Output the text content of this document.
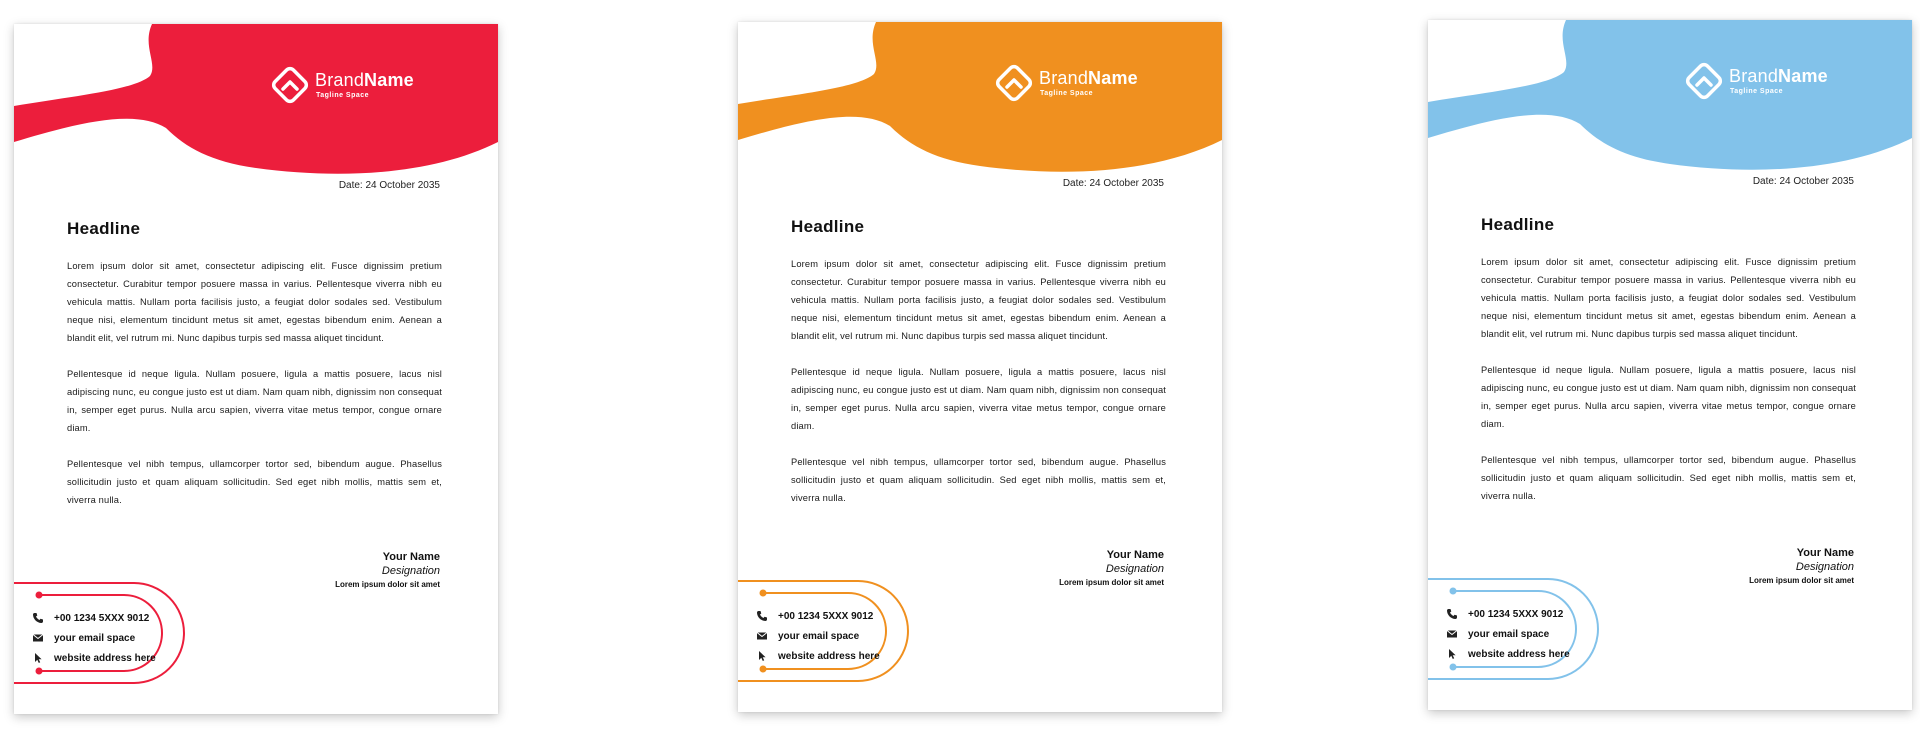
BrandName
Tagline Space
Date: 24 October 2035
Headline

Lorem ipsum dolor sit amet, consectetur adipiscing elit. Fusce dignissim pretium consectetur. Curabitur tempor posuere massa in varius. Pellentesque viverra nibh eu vehicula mattis. Nullam porta facilisis justo, a feugiat dolor sodales sed. Vestibulum neque nisi, elementum tincidunt metus sit amet, egestas bibendum enim. Aenean a blandit elit, vel rutrum mi. Nunc dapibus turpis sed massa aliquet tincidunt.

Pellentesque id neque ligula. Nullam posuere, ligula a mattis posuere, lacus nisl adipiscing nunc, eu congue justo est ut diam. Nam quam nibh, dignissim non consequat in, semper eget purus. Nulla arcu sapien, viverra vitae metus tempor, congue ornare diam.

Pellentesque vel nibh tempus, ullamcorper tortor sed, bibendum augue. Phasellus sollicitudin justo et quam aliquam sollicitudin. Sed eget nibh mollis, mattis sem et, viverra nulla.

Your Name
Designation
Lorem ipsum dolor sit amet
+00 1234 5XXX 9012
your email space
website address here
BrandName
Tagline Space
Date: 24 October 2035
Headline

Lorem ipsum dolor sit amet, consectetur adipiscing elit. Fusce dignissim pretium consectetur. Curabitur tempor posuere massa in varius. Pellentesque viverra nibh eu vehicula mattis. Nullam porta facilisis justo, a feugiat dolor sodales sed. Vestibulum neque nisi, elementum tincidunt metus sit amet, egestas bibendum enim. Aenean a blandit elit, vel rutrum mi. Nunc dapibus turpis sed massa aliquet tincidunt.

Pellentesque id neque ligula. Nullam posuere, ligula a mattis posuere, lacus nisl adipiscing nunc, eu congue justo est ut diam. Nam quam nibh, dignissim non consequat in, semper eget purus. Nulla arcu sapien, viverra vitae metus tempor, congue ornare diam.

Pellentesque vel nibh tempus, ullamcorper tortor sed, bibendum augue. Phasellus sollicitudin justo et quam aliquam sollicitudin. Sed eget nibh mollis, mattis sem et, viverra nulla.

Your Name
Designation
Lorem ipsum dolor sit amet
+00 1234 5XXX 9012
your email space
website address here
BrandName
Tagline Space
Date: 24 October 2035
Headline

Lorem ipsum dolor sit amet, consectetur adipiscing elit. Fusce dignissim pretium consectetur. Curabitur tempor posuere massa in varius. Pellentesque viverra nibh eu vehicula mattis. Nullam porta facilisis justo, a feugiat dolor sodales sed. Vestibulum neque nisi, elementum tincidunt metus sit amet, egestas bibendum enim. Aenean a blandit elit, vel rutrum mi. Nunc dapibus turpis sed massa aliquet tincidunt.

Pellentesque id neque ligula. Nullam posuere, ligula a mattis posuere, lacus nisl adipiscing nunc, eu congue justo est ut diam. Nam quam nibh, dignissim non consequat in, semper eget purus. Nulla arcu sapien, viverra vitae metus tempor, congue ornare diam.

Pellentesque vel nibh tempus, ullamcorper tortor sed, bibendum augue. Phasellus sollicitudin justo et quam aliquam sollicitudin. Sed eget nibh mollis, mattis sem et, viverra nulla.

Your Name
Designation
Lorem ipsum dolor sit amet
+00 1234 5XXX 9012
your email space
website address here
